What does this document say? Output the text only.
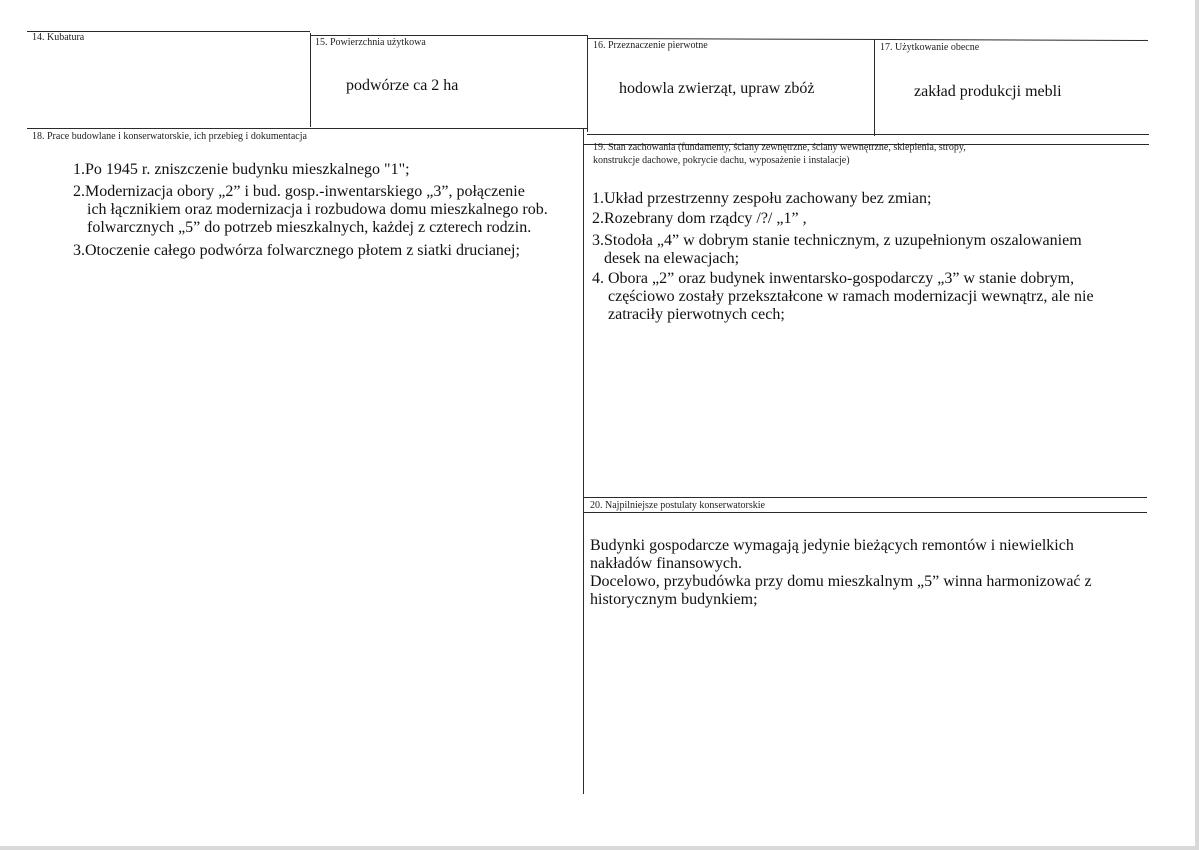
14. Kubatura	15. Powierzchnia użytkowa
podwórze ca 2 ha
16. Przeznaczenie pierwotne
hodowla zwierząt, upraw zbóż
17. Użytkowanie obecne
zakład produkcji mebli
18. Prace budowlane i konserwatorskie, ich przebieg i dokumentacja
1.Po 1945 r. zniszczenie budynku mieszkalnego "1";
2.Modernizacja obory „2” i bud. gosp.-inwentarskiego „3”, połączenie
ich łącznikiem oraz modernizacja i rozbudowa domu mieszkalnego rob.
folwarcznych „5” do potrzeb mieszkalnych, każdej z czterech rodzin.
3.Otoczenie całego podwórza folwarcznego płotem z siatki drucianej;
19. Stan zachowania (fundamenty, ściany zewnętrzne, ściany wewnętrzne, sklepienia, stropy,
konstrukcje dachowe, pokrycie dachu, wyposażenie i instalacje)
1.Układ przestrzenny zespołu zachowany bez zmian;
2.Rozebrany dom rządcy /?/ „1” ,
3.Stodoła „4” w dobrym stanie technicznym, z uzupełnionym oszalowaniem
desek na elewacjach;
4. Obora „2” oraz budynek inwentarsko-gospodarczy „3” w stanie dobrym,
częściowo zostały przekształcone w ramach modernizacji wewnątrz, ale nie
zatraciły pierwotnych cech;
20. Najpilniejsze postulaty konserwatorskie
Budynki gospodarcze wymagają jedynie bieżących remontów i niewielkich
nakładów finansowych.
Docelowo, przybudówka przy domu mieszkalnym „5” winna harmonizować z
historycznym budynkiem;
